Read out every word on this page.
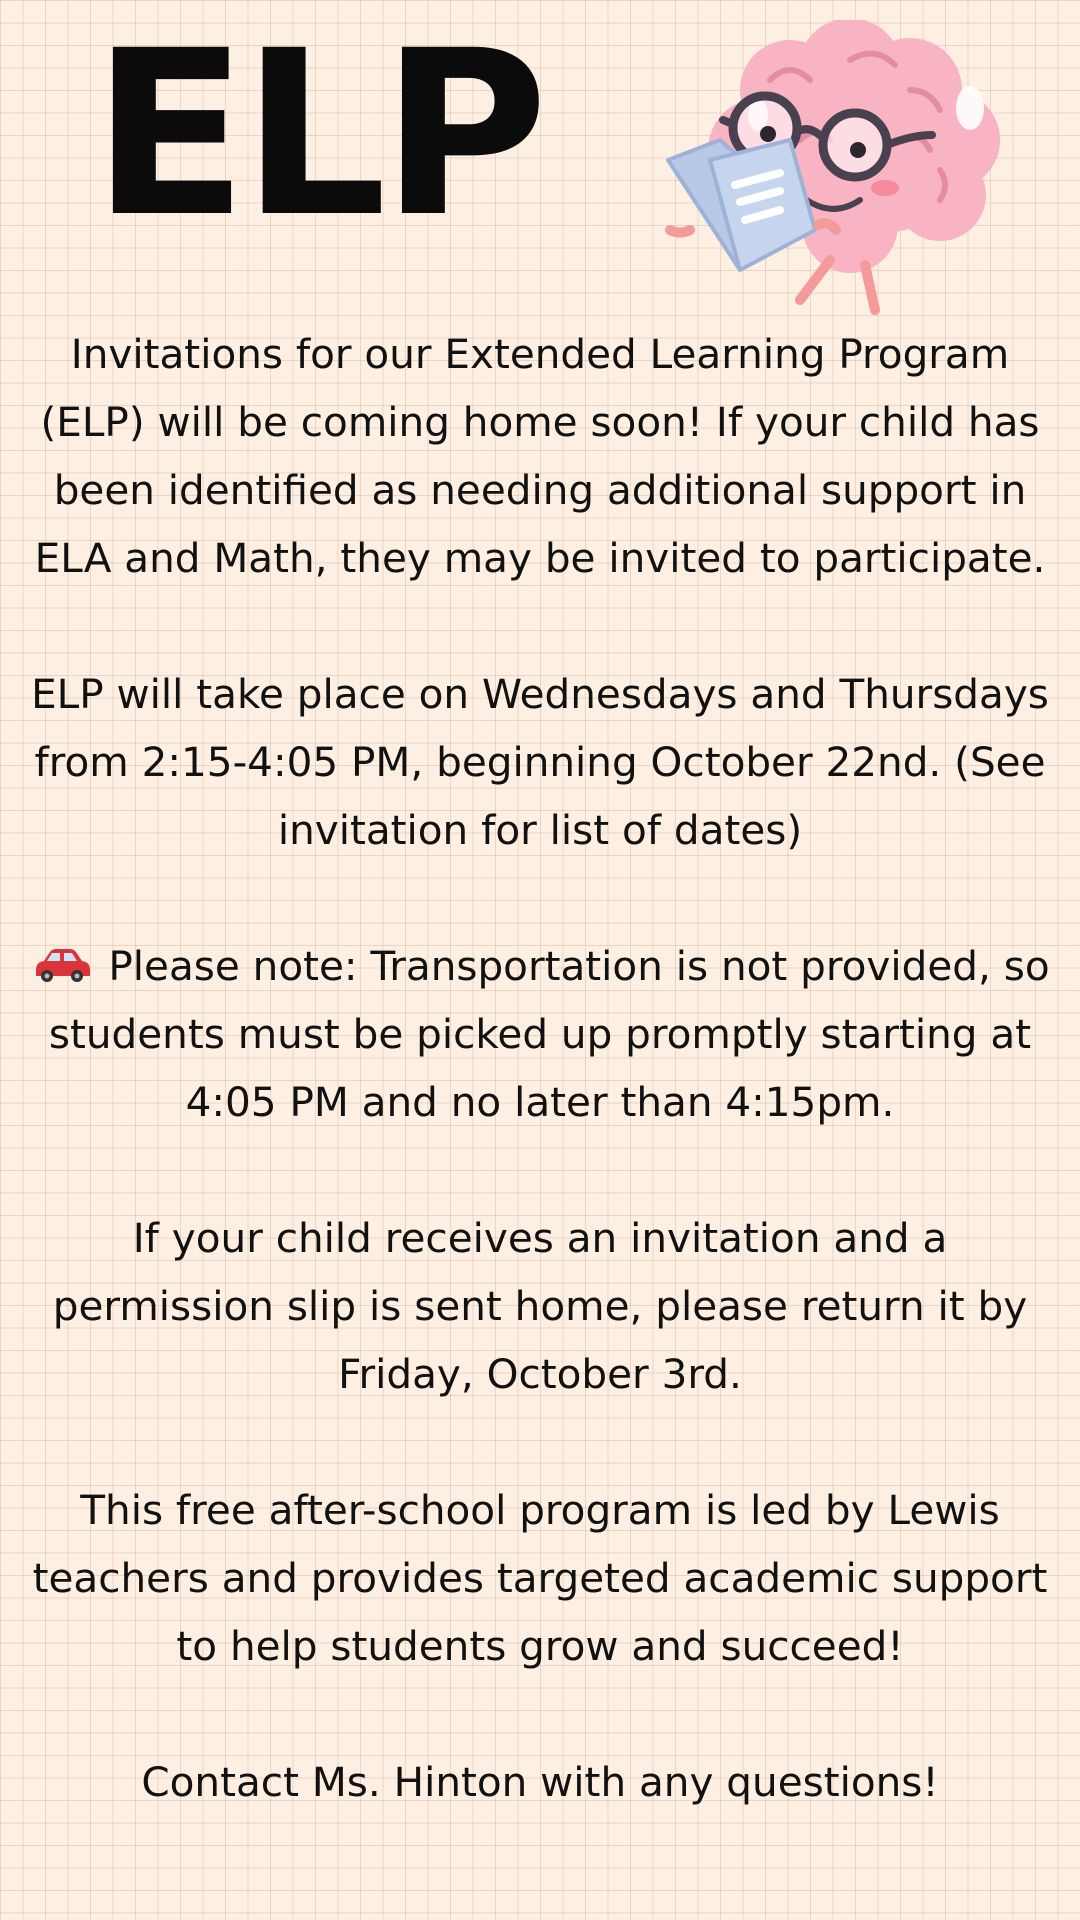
ELP

Invitations for our Extended Learning Program (ELP) will be coming home soon! If your child has been identified as needing additional support in ELA and Math, they may be invited to participate.

ELP will take place on Wednesdays and Thursdays from 2:15-4:05 PM, beginning October 22nd. (See invitation for list of dates)

Please note: Transportation is not provided, so students must be picked up promptly starting at 4:05 PM and no later than 4:15pm.

If your child receives an invitation and a permission slip is sent home, please return it by Friday, October 3rd.

This free after-school program is led by Lewis teachers and provides targeted academic support to help students grow and succeed!

Contact Ms. Hinton with any questions!
